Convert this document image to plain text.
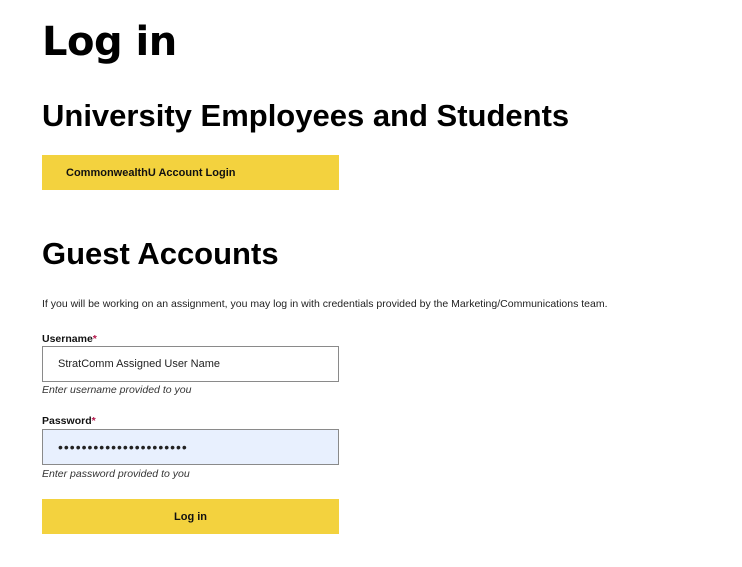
Log in
University Employees and Students
CommonwealthU Account Login
Guest Accounts

If you will be working on an assignment, you may log in with credentials provided by the Marketing/Communications team.

Username*
StratComm Assigned User Name
Enter username provided to you
Password*
••••••••••••••••••••••
Enter password provided to you
Log in
